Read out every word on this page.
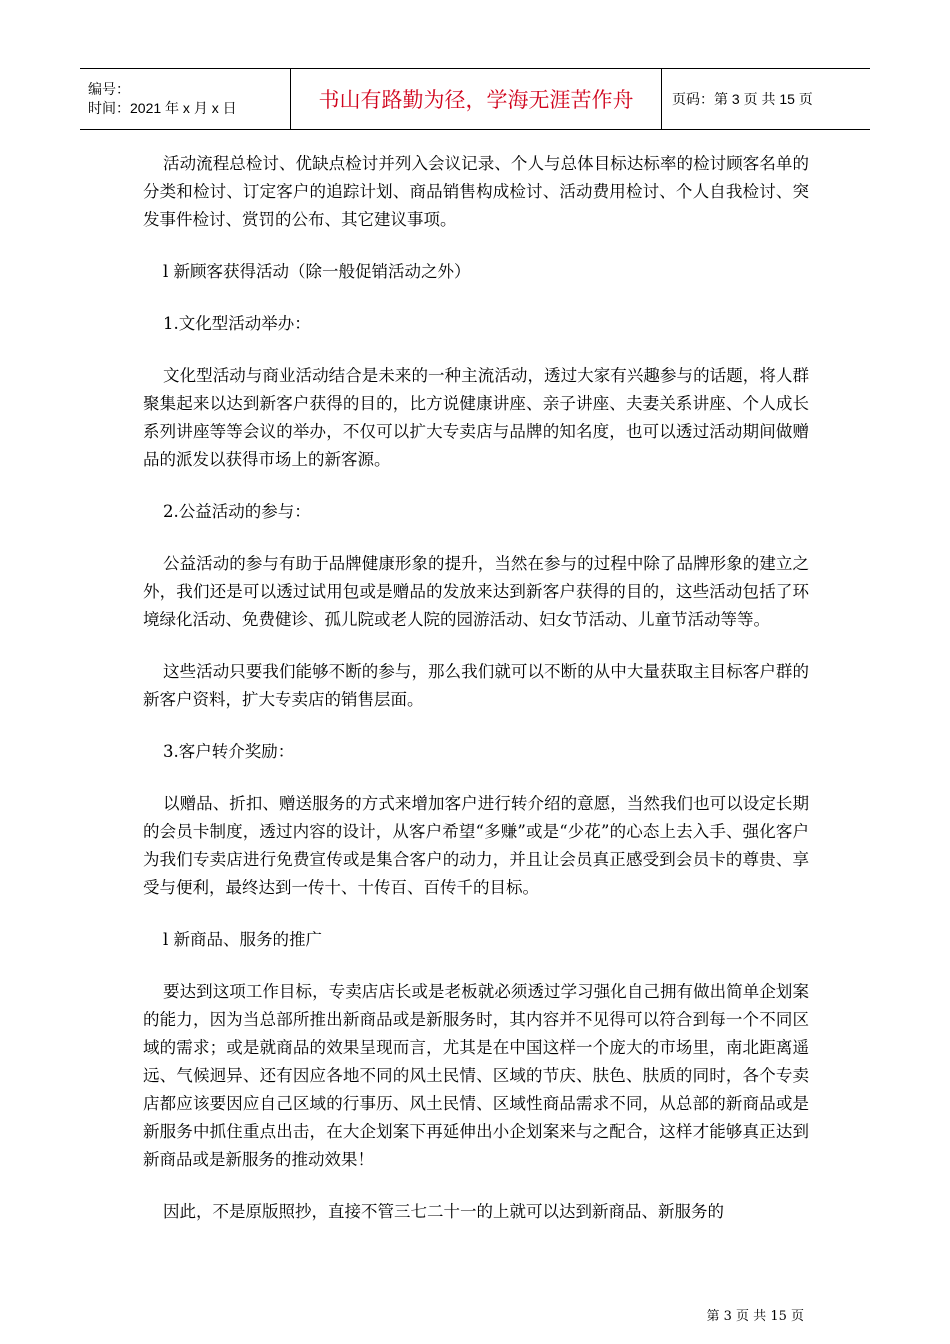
编号：
时间：2021 年 x 月 x 日	书山有路勤为径，学海无涯苦作舟	页码：第 3 页 共 15 页

活动流程总检讨、优缺点检讨并列入会议记录、个人与总体目标达标率的检讨顾客名单的分类和检讨、订定客户的追踪计划、商品销售构成检讨、活动费用检讨、个人自我检讨、突发事件检讨、赏罚的公布、其它建议事项。

l 新顾客获得活动（除一般促销活动之外）

1.文化型活动举办：

文化型活动与商业活动结合是未来的一种主流活动，透过大家有兴趣参与的话题，将人群聚集起来以达到新客户获得的目的，比方说健康讲座、亲子讲座、夫妻关系讲座、个人成长系列讲座等等会议的举办，不仅可以扩大专卖店与品牌的知名度，也可以透过活动期间做赠品的派发以获得市场上的新客源。

2.公益活动的参与：

公益活动的参与有助于品牌健康形象的提升，当然在参与的过程中除了品牌形象的建立之外，我们还是可以透过试用包或是赠品的发放来达到新客户获得的目的，这些活动包括了环境绿化活动、免费健诊、孤儿院或老人院的园游活动、妇女节活动、儿童节活动等等。

这些活动只要我们能够不断的参与，那么我们就可以不断的从中大量获取主目标客户群的新客户资料，扩大专卖店的销售层面。

3.客户转介奖励：

以赠品、折扣、赠送服务的方式来增加客户进行转介绍的意愿，当然我们也可以设定长期的会员卡制度，透过内容的设计，从客户希望“多赚”或是“少花”的心态上去入手、强化客户为我们专卖店进行免费宣传或是集合客户的动力，并且让会员真正感受到会员卡的尊贵、享受与便利，最终达到一传十、十传百、百传千的目标。

l 新商品、服务的推广

要达到这项工作目标，专卖店店长或是老板就必须透过学习强化自己拥有做出简单企划案的能力，因为当总部所推出新商品或是新服务时，其内容并不见得可以符合到每一个不同区域的需求；或是就商品的效果呈现而言，尤其是在中国这样一个庞大的市场里，南北距离遥远、气候迥异、还有因应各地不同的风土民情、区域的节庆、肤色、肤质的同时，各个专卖店都应该要因应自己区域的行事历、风土民情、区域性商品需求不同，从总部的新商品或是新服务中抓住重点出击，在大企划案下再延伸出小企划案来与之配合，这样才能够真正达到新商品或是新服务的推动效果！

因此，不是原版照抄，直接不管三七二十一的上就可以达到新商品、新服务的

第 3 页 共 15 页
